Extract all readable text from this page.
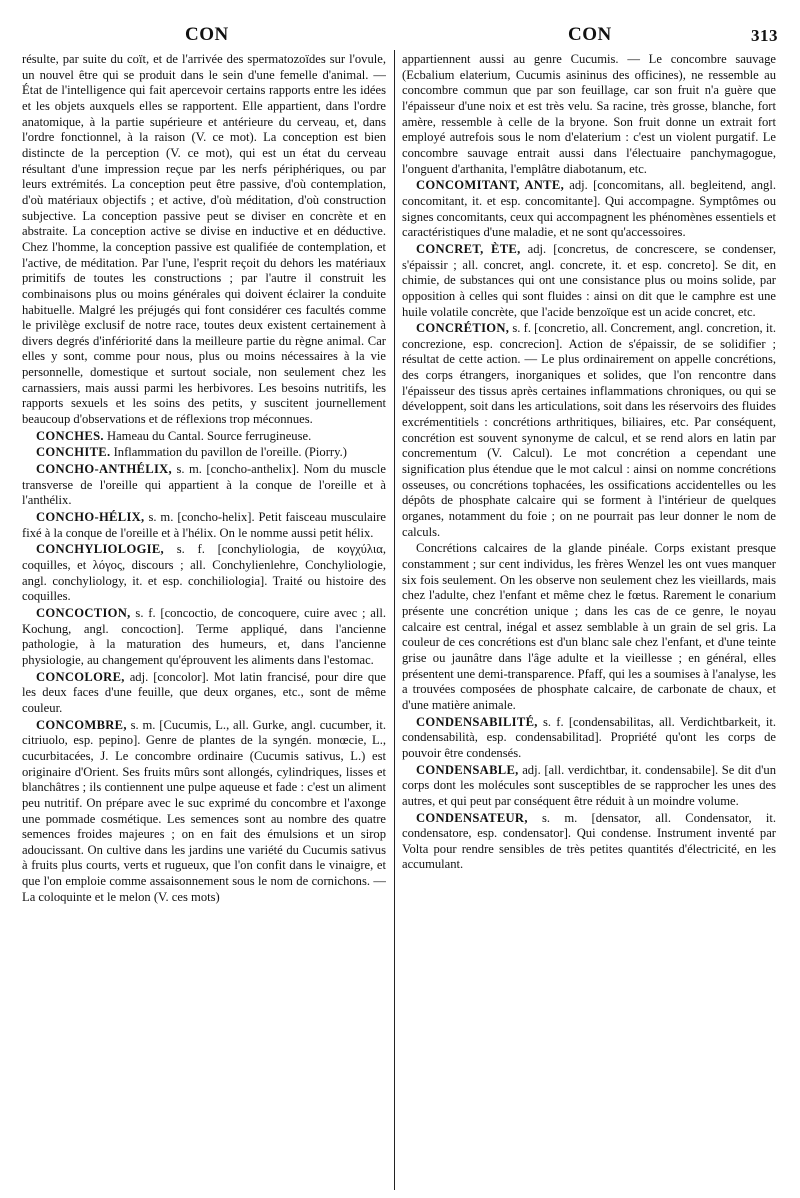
CON	CON	313

résulte, par suite du coït, et de l'arrivée des spermatozoïdes sur l'ovule, un nouvel être qui se produit dans le sein d'une femelle d'animal. — État de l'intelligence qui fait apercevoir certains rapports entre les idées et les objets auxquels elles se rapportent. Elle appartient, dans l'ordre anatomique, à la partie supérieure et antérieure du cerveau, et, dans l'ordre fonctionnel, à la raison (V. ce mot). La conception est bien distincte de la perception (V. ce mot), qui est un état du cerveau résultant d'une impression reçue par les nerfs périphériques, ou par leurs extrémités. La conception peut être passive, d'où contemplation, d'où matériaux objectifs ; et active, d'où méditation, d'où construction subjective. La conception passive peut se diviser en concrète et en abstraite. La conception active se divise en inductive et en déductive. Chez l'homme, la conception passive est qualifiée de contemplation, et l'active, de méditation. Par l'une, l'esprit reçoit du dehors les matériaux primitifs de toutes les constructions ; par l'autre il construit les combinaisons plus ou moins générales qui doivent éclairer la conduite habituelle. Malgré les préjugés qui font considérer ces facultés comme le privilège exclusif de notre race, toutes deux existent certainement à divers degrés d'infériorité dans la meilleure partie du règne animal. Car elles y sont, comme pour nous, plus ou moins nécessaires à la vie personnelle, domestique et surtout sociale, non seulement chez les carnassiers, mais aussi parmi les herbivores. Les besoins nutritifs, les rapports sexuels et les soins des petits, y suscitent journellement beaucoup d'observations et de réflexions trop méconnues.

CONCHES. Hameau du Cantal. Source ferrugineuse.

CONCHITE. Inflammation du pavillon de l'oreille. (Piorry.)

CONCHO-ANTHÉLIX, s. m. [concho-anthelix]. Nom du muscle transverse de l'oreille qui appartient à la conque de l'oreille et à l'anthélix.

CONCHO-HÉLIX, s. m. [concho-helix]. Petit faisceau musculaire fixé à la conque de l'oreille et à l'hélix. On le nomme aussi petit hélix.

CONCHYLIOLOGIE, s. f. [conchyliologia, de κογχύλια, coquilles, et λόγος, discours ; all. Conchylienlehre, Conchyliologie, angl. conchyliology, it. et esp. conchiliologia]. Traité ou histoire des coquilles.

CONCOCTION, s. f. [concoctio, de concoquere, cuire avec ; all. Kochung, angl. concoction]. Terme appliqué, dans l'ancienne pathologie, à la maturation des humeurs, et, dans l'ancienne physiologie, au changement qu'éprouvent les aliments dans l'estomac.

CONCOLORE, adj. [concolor]. Mot latin francisé, pour dire que les deux faces d'une feuille, que deux organes, etc., sont de même couleur.

CONCOMBRE, s. m. [Cucumis, L., all. Gurke, angl. cucumber, it. citriuolo, esp. pepino]. Genre de plantes de la syngén. monœcie, L., cucurbitacées, J. Le concombre ordinaire (Cucumis sativus, L.) est originaire d'Orient. Ses fruits mûrs sont allongés, cylindriques, lisses et blanchâtres ; ils contiennent une pulpe aqueuse et fade : c'est un aliment peu nutritif. On prépare avec le suc exprimé du concombre et l'axonge une pommade cosmétique. Les semences sont au nombre des quatre semences froides majeures ; on en fait des émulsions et un sirop adoucissant. On cultive dans les jardins une variété du Cucumis sativus à fruits plus courts, verts et rugueux, que l'on confit dans le vinaigre, et que l'on emploie comme assaisonnement sous le nom de cornichons. — La coloquinte et le melon (V. ces mots)

appartiennent aussi au genre Cucumis. — Le concombre sauvage (Ecbalium elaterium, Cucumis asininus des officines), ne ressemble au concombre commun que par son feuillage, car son fruit n'a guère que l'épaisseur d'une noix et est très velu. Sa racine, très grosse, blanche, fort amère, ressemble à celle de la bryone. Son fruit donne un extrait fort employé autrefois sous le nom d'elaterium : c'est un violent purgatif. Le concombre sauvage entrait aussi dans l'électuaire panchymagogue, l'onguent d'arthanita, l'emplâtre diabotanum, etc.

CONCOMITANT, ANTE, adj. [concomitans, all. begleitend, angl. concomitant, it. et esp. concomitante]. Qui accompagne. Symptômes ou signes concomitants, ceux qui accompagnent les phénomènes essentiels et caractéristiques d'une maladie, et ne sont qu'accessoires.

CONCRET, ÈTE, adj. [concretus, de concrescere, se condenser, s'épaissir ; all. concret, angl. concrete, it. et esp. concreto]. Se dit, en chimie, de substances qui ont une consistance plus ou moins solide, par opposition à celles qui sont fluides : ainsi on dit que le camphre est une huile volatile concrète, que l'acide benzoïque est un acide concret, etc.

CONCRÉTION, s. f. [concretio, all. Concrement, angl. concretion, it. concrezione, esp. concrecion]. Action de s'épaissir, de se solidifier ; résultat de cette action. — Le plus ordinairement on appelle concrétions, des corps étrangers, inorganiques et solides, que l'on rencontre dans l'épaisseur des tissus après certaines inflammations chroniques, ou qui se développent, soit dans les articulations, soit dans les réservoirs des fluides excrémentitiels : concrétions arthritiques, biliaires, etc. Par conséquent, concrétion est souvent synonyme de calcul, et se rend alors en latin par concrementum (V. Calcul). Le mot concrétion a cependant une signification plus étendue que le mot calcul : ainsi on nomme concrétions osseuses, ou concrétions tophacées, les ossifications accidentelles ou les dépôts de phosphate calcaire qui se forment à l'intérieur de quelques organes, notamment du foie ; on ne pourrait pas leur donner le nom de calculs.

Concrétions calcaires de la glande pinéale. Corps existant presque constamment ; sur cent individus, les frères Wenzel les ont vues manquer six fois seulement. On les observe non seulement chez les vieillards, mais chez l'adulte, chez l'enfant et même chez le fœtus. Rarement le conarium présente une concrétion unique ; dans les cas de ce genre, le noyau calcaire est central, inégal et assez semblable à un grain de sel gris. La couleur de ces concrétions est d'un blanc sale chez l'enfant, et d'une teinte grise ou jaunâtre dans l'âge adulte et la vieillesse ; en général, elles présentent une demi-transparence. Pfaff, qui les a soumises à l'analyse, les a trouvées composées de phosphate calcaire, de carbonate de chaux, et d'une matière animale.

CONDENSABILITÉ, s. f. [condensabilitas, all. Verdichtbarkeit, it. condensabilità, esp. condensabilitad]. Propriété qu'ont les corps de pouvoir être condensés.

CONDENSABLE, adj. [all. verdichtbar, it. condensabile]. Se dit d'un corps dont les molécules sont susceptibles de se rapprocher les unes des autres, et qui peut par conséquent être réduit à un moindre volume.

CONDENSATEUR, s. m. [densator, all. Condensator, it. condensatore, esp. condensator]. Qui condense. Instrument inventé par Volta pour rendre sensibles de très petites quantités d'électricité, en les accumulant.
